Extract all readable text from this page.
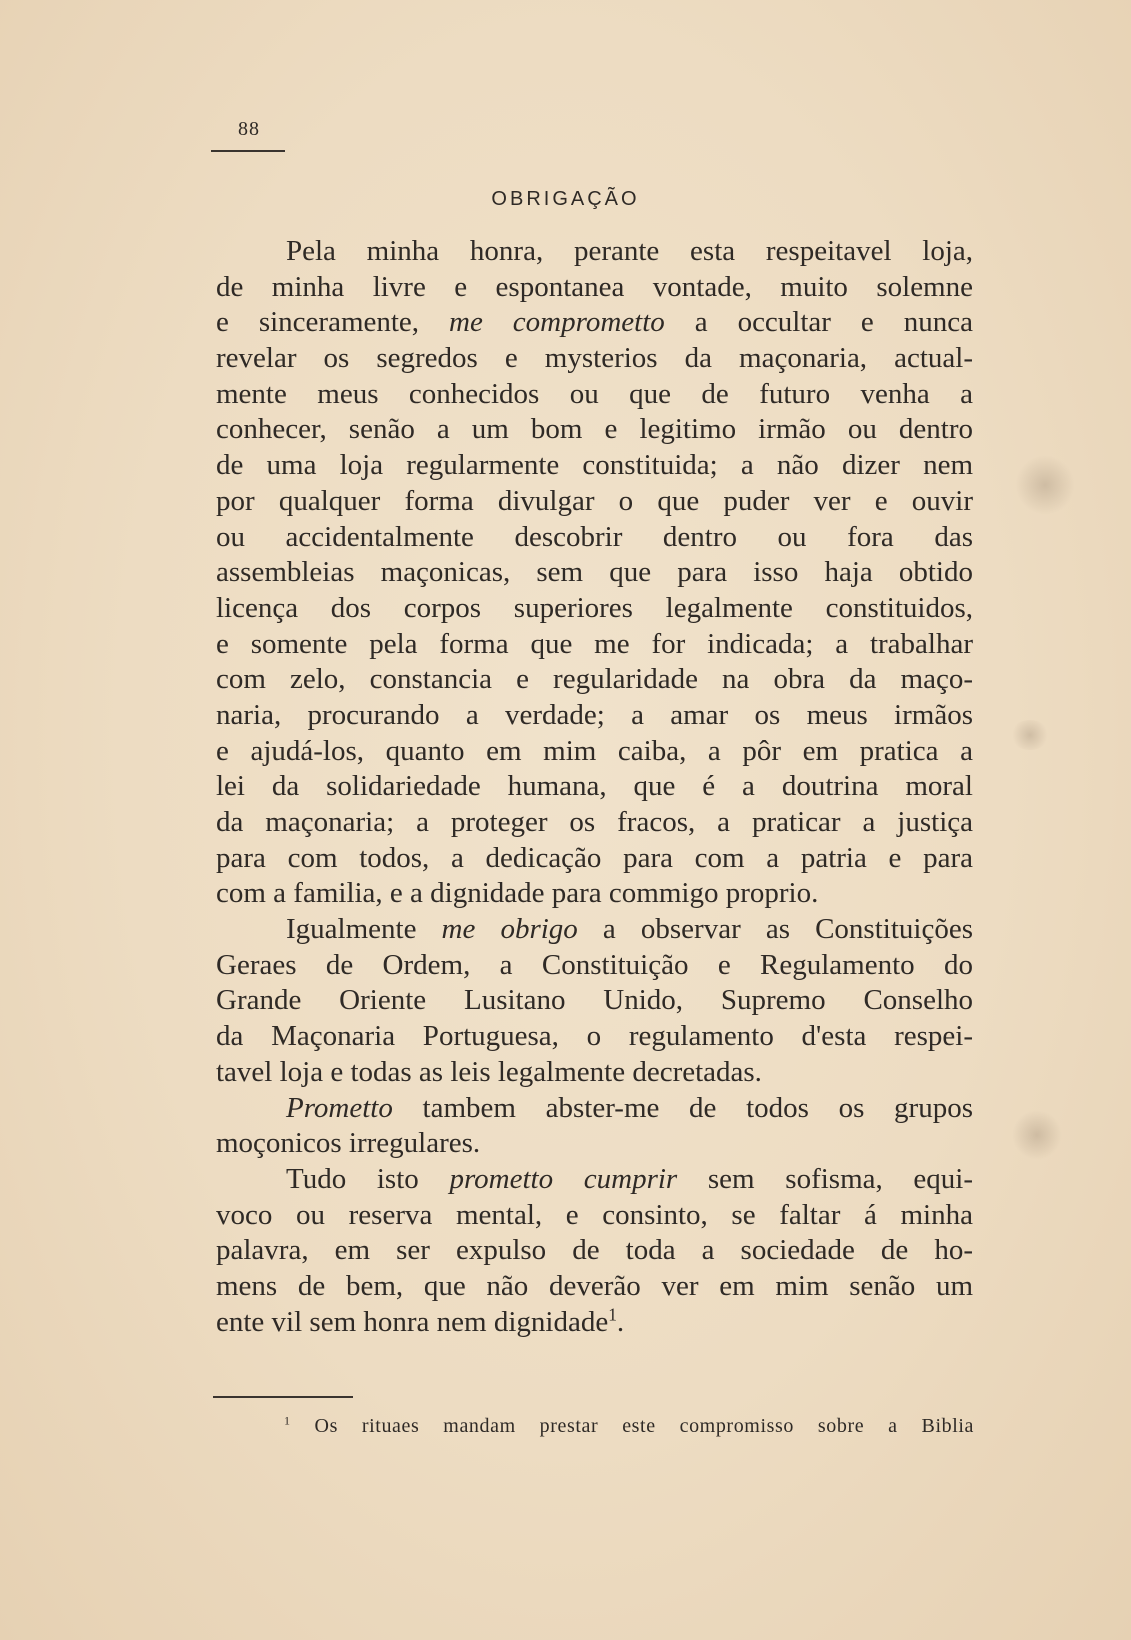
88
OBRIGAÇÃO
Pela minha honra, perante esta respeitavel loja,
de minha livre e espontanea vontade, muito solemne
e sinceramente, me comprometto a occultar e nunca
revelar os segredos e mysterios da maçonaria, actual-
mente meus conhecidos ou que de futuro venha a
conhecer, senão a um bom e legitimo irmão ou dentro
de uma loja regularmente constituida; a não dizer nem
por qualquer forma divulgar o que puder ver e ouvir
ou accidentalmente descobrir dentro ou fora das
assembleias maçonicas, sem que para isso haja obtido
licença dos corpos superiores legalmente constituidos,
e somente pela forma que me for indicada; a trabalhar
com zelo, constancia e regularidade na obra da maço-
naria, procurando a verdade; a amar os meus irmãos
e ajudá-los, quanto em mim caiba, a pôr em pratica a
lei da solidariedade humana, que é a doutrina moral
da maçonaria; a proteger os fracos, a praticar a justiça
para com todos, a dedicação para com a patria e para
com a familia, e a dignidade para commigo proprio.
Igualmente me obrigo a observar as Constituições
Geraes de Ordem, a Constituição e Regulamento do
Grande Oriente Lusitano Unido, Supremo Conselho
da Maçonaria Portuguesa, o regulamento d'esta respei-
tavel loja e todas as leis legalmente decretadas.
Prometto tambem abster-me de todos os grupos
moçonicos irregulares.
Tudo isto prometto cumprir sem sofisma, equi-
voco ou reserva mental, e consinto, se faltar á minha
palavra, em ser expulso de toda a sociedade de ho-
mens de bem, que não deverão ver em mim senão um
ente vil sem honra nem dignidade$^1$.
$^1$ Os rituaes mandam prestar este compromisso sobre a Biblia
